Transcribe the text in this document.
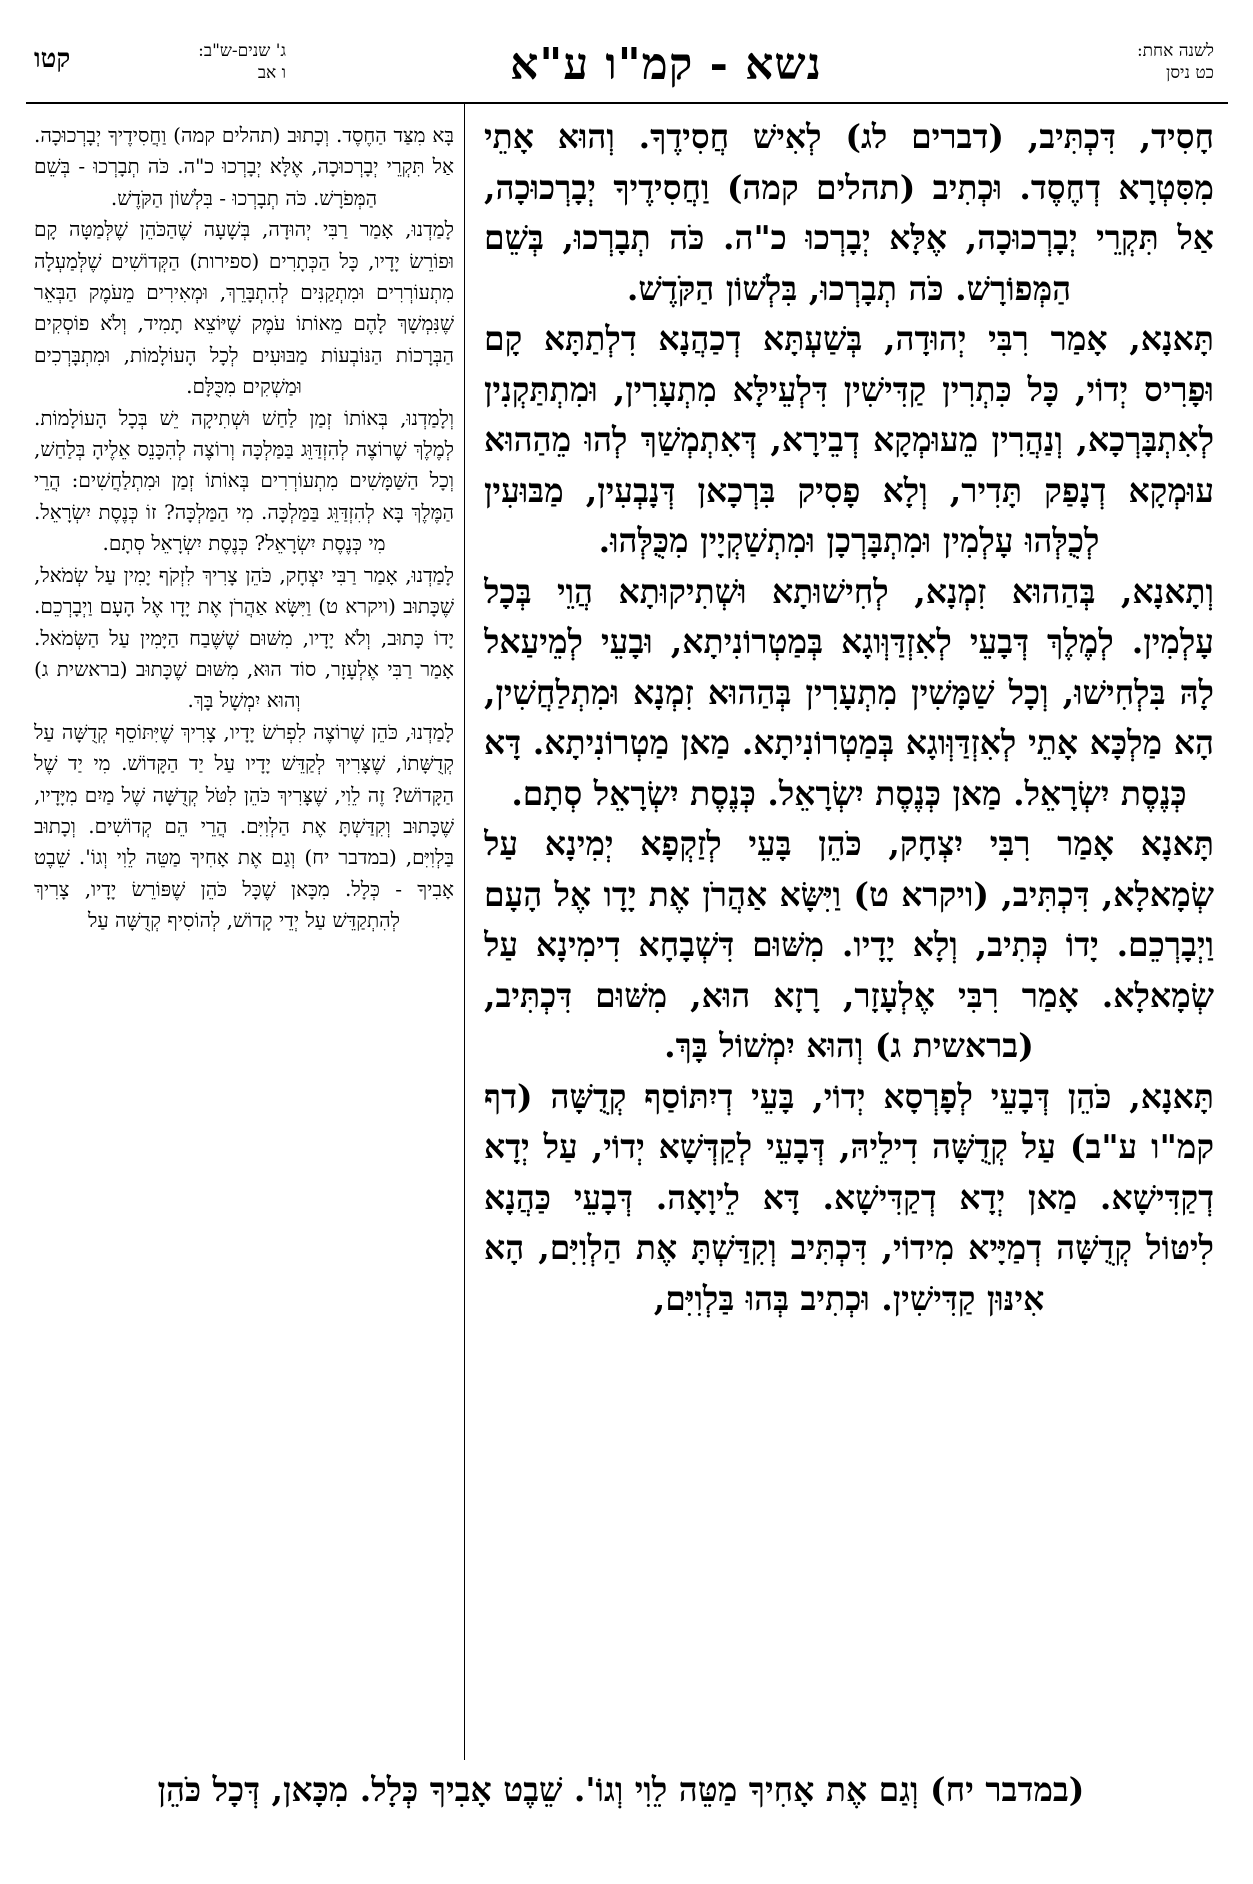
לשנה אחת:
כט ניסן
נשא - קמ"ו ע"א
ג' שנים-ש"ב:
ו אב
קטו

חָסִיד, דִּכְתִּיב, (דברים לג) לְאִישׁ חֲסִידֶךָ. וְהוּא אָתֵי מִסִּטְרָא דְחֶסֶד. וּכְתִיב (תהלים קמה) וַחֲסִידֶיךָ יְבָרְכוּכָה, אַל תִּקְרֵי יְבָרְכוּכָה, אֶלָּא יְבָרְכוּ כ"ה. כֹּה תְבָרְכוּ, בְּשֵׁם הַמְּפוֹרָשׁ. כֹּה תְבָרְכוּ, בִּלְשׁוֹן הַקֹּדֶשׁ.

תָּאנָא, אָמַר רִבִּי יְהוּדָה, בְּשַׁעְתָּא דְכַהֲנָא דִלְתַתָּא קָם וּפָרִיס יְדוֹי, כָּל כִּתְרִין קַדִּישִׁין דִּלְעֵילָּא מִתְעָרִין, וּמִתְתַּקְנִין לְאִתְבָּרְכָא, וְנַהֲרִין מֵעוּמְקָא דְבֵירָא, דְּאִתְמְשַׁךְ לְהוּ מֵהַהוּא עוּמְקָא דְנָפַק תָּדִיר, וְלָא פָסִיק בִּרְכָאן דְּנָבְעִין, מַבּוּעִין לְכֻלְּהוּ עָלְמִין וּמִתְבָּרְכָן וּמִתְשַׁקְיָין מִכֻּלְּהוּ.

וְתָאנָא, בְּהַהוּא זִמְנָא, לְחִישׁוּתָא וּשְׁתִיקוּתָא הֲוֵי בְּכָל עָלְמִין. לְמֶלֶךְ דְּבָעֵי לְאִזְדַּוְּוגָא בְּמַטְרוֹנִיתָא, וּבָעֵי לְמֵיעַאל לָהּ בִּלְחִישׁוּ, וְכָל שַׁמָּשִׁין מִתְעָרִין בְּהַהוּא זִמְנָא וּמִתְלַחֲשִׁין, הָא מַלְכָּא אָתֵי לְאִזְדַּוְּוגָא בְּמַטְרוֹנִיתָא. מַאן מַטְרוֹנִיתָא. דָּא כְּנֶסֶת יִשְׂרָאֵל. מַאן כְּנֶסֶת יִשְׂרָאֵל. כְּנֶסֶת יִשְׂרָאֵל סְתָם.

תָּאנָא אָמַר רִבִּי יִצְחָק, כֹּהֵן בָּעֵי לְזַקְפָא יְמִינָא עַל שְׂמָאלָא, דִּכְתִּיב, (ויקרא ט) וַיִּשָּׂא אַהֲרֹן אֶת יָדָו אֶל הָעָם וַיְבָרְכֵם. יָדוֹ כְּתִיב, וְלָא יָדָיו. מִשּׁוּם דִּשְׁבָחָא דִימִינָא עַל שְׂמָאלָא. אָמַר רִבִּי אֶלְעָזָר, רָזָא הוּא, מִשּׁוּם דִּכְתִּיב, (בראשית ג) וְהוּא יִמְשׁוֹל בָּךְ.

תָּאנָא, כֹּהֵן דְּבָעֵי לְפָרְסָא יְדוֹי, בָּעֵי דְיִתּוֹסַף קְדֻשָּׁה (דף קמ"ו ע"ב) עַל קְדֻשָּׁה דִילֵיהּ, דְּבָעֵי לְקַדְּשָׁא יְדוֹי, עַל יְדָא דְקַדִּישָׁא. מַאן יְדָא דְקַדִּישָׁא. דָּא לֵיוָאָה. דְּבָעֵי כַּהֲנָא לִיטּוֹל קְדֻשָּׁה דְמַיָּיא מִידוֹי, דִּכְתִּיב וְקִדַּשְׁתָּ אֶת הַלְוִיִּם, הָא אִינּוּן קַדִּישִׁין. וּכְתִיב בְּהוּ בַּלְוִיִּם,

בָּא מִצַּד הַחֶסֶד. וְכָתוּב (תהלים קמה) וַחֲסִידֶיךָ יְבָרְכוּכָה. אַל תִּקְרֵי יְבָרְכוּכָה, אֶלָּא יְבָרְכוּ כ"ה. כֹּה תְבָרְכוּ - בְּשֵׁם הַמְּפֹרָשׁ. כֹּה תְבָרְכוּ - בִּלְשׁוֹן הַקֹּדֶשׁ.

לָמַדְנוּ, אָמַר רַבִּי יְהוּדָה, בְּשָׁעָה שֶׁהַכֹּהֵן שֶׁלְּמַטָּה קָם וּפוֹרֵשׂ יָדָיו, כָּל הַכְּתָרִים (ספירות) הַקְּדוֹשִׁים שֶׁלְּמַעְלָה מִתְעוֹרְרִים וּמִתְקַנִּים לְהִתְבָּרֵךְ, וּמְאִירִים מֵעֹמֶק הַבְּאֵר שֶׁנִּמְשָׁךְ לָהֶם מֵאוֹתוֹ עֹמֶק שֶׁיּוֹצֵא תָמִיד, וְלֹא פוֹסְקִים הַבְּרָכוֹת הַנּוֹבְעוֹת מַבּוּעִים לְכָל הָעוֹלָמוֹת, וּמִתְבָּרְכִים וּמַשְׁקִים מִכֻּלָּם.

וְלָמַדְנוּ, בְּאוֹתוֹ זְמַן לַחַשׁ וּשְׁתִיקָה יֵשׁ בְּכָל הָעוֹלָמוֹת. לְמֶלֶךְ שֶׁרוֹצֶה לְהִזְדַּוֵּג בַּמַּלְכָּה וְרוֹצֶה לְהִכָּנֵס אֵלֶיהָ בְּלַחַשׁ, וְכָל הַשַּׁמָּשִׁים מִתְעוֹרְרִים בְּאוֹתוֹ זְמַן וּמִתְלַחֲשִׁים: הֲרֵי הַמֶּלֶךְ בָּא לְהִזְדַּוֵּג בַּמַּלְכָּה. מִי הַמַּלְכָּה? זוֹ כְּנֶסֶת יִשְׂרָאֵל. מִי כְּנֶסֶת יִשְׂרָאֵל? כְּנֶסֶת יִשְׂרָאֵל סְתָם.

לָמַדְנוּ, אָמַר רַבִּי יִצְחָק, כֹּהֵן צָרִיךְ לִזְקֹף יָמִין עַל שְׂמֹאל, שֶׁכָּתוּב (ויקרא ט) וַיִּשָּׂא אַהֲרֹן אֶת יָדָו אֶל הָעָם וַיְבָרְכֵם. יָדוֹ כָּתוּב, וְלֹא יָדָיו, מִשּׁוּם שֶׁשֶּׁבַח הַיָּמִין עַל הַשְּׂמֹאל. אָמַר רַבִּי אֶלְעָזָר, סוֹד הוּא, מִשּׁוּם שֶׁכָּתוּב (בראשית ג) וְהוּא יִמְשָׁל בָּךְ.

לָמַדְנוּ, כֹּהֵן שֶׁרוֹצֶה לִפְרֹשׂ יָדָיו, צָרִיךְ שֶׁיִּתּוֹסֵף קְדֻשָּׁה עַל קְדֻשָּׁתוֹ, שֶׁצָּרִיךְ לְקַדֵּשׁ יָדָיו עַל יַד הַקָּדוֹשׁ. מִי יַד שֶׁל הַקָּדוֹשׁ? זֶה לֵוִי, שֶׁצָּרִיךְ כֹּהֵן לִטֹּל קְדֻשָּׁה שֶׁל מַיִם מִיָּדָיו, שֶׁכָּתוּב וְקִדַּשְׁתָּ אֶת הַלְוִיִּם. הֲרֵי הֵם קְדוֹשִׁים. וְכָתוּב בַּלְוִיִּם, (במדבר יח) וְגַם אֶת אָחִיךָ מַטֵּה לֵוִי וְגוֹ'. שֵׁבֶט אָבִיךָ - כְּלָל. מִכָּאן שֶׁכָּל כֹּהֵן שֶׁפּוֹרֵשׂ יָדָיו, צָרִיךְ לְהִתְקַדֵּשׁ עַל יְדֵי קָדוֹשׁ, לְהוֹסִיף קְדֻשָּׁה עַל

(במדבר יח) וְגַם אֶת אָחִיךָ מַטֵּה לֵוִי וְגוֹ'. שֵׁבֶט אָבִיךָ כְּלָל. מִכָּאן, דְּכָל כֹּהֵן
